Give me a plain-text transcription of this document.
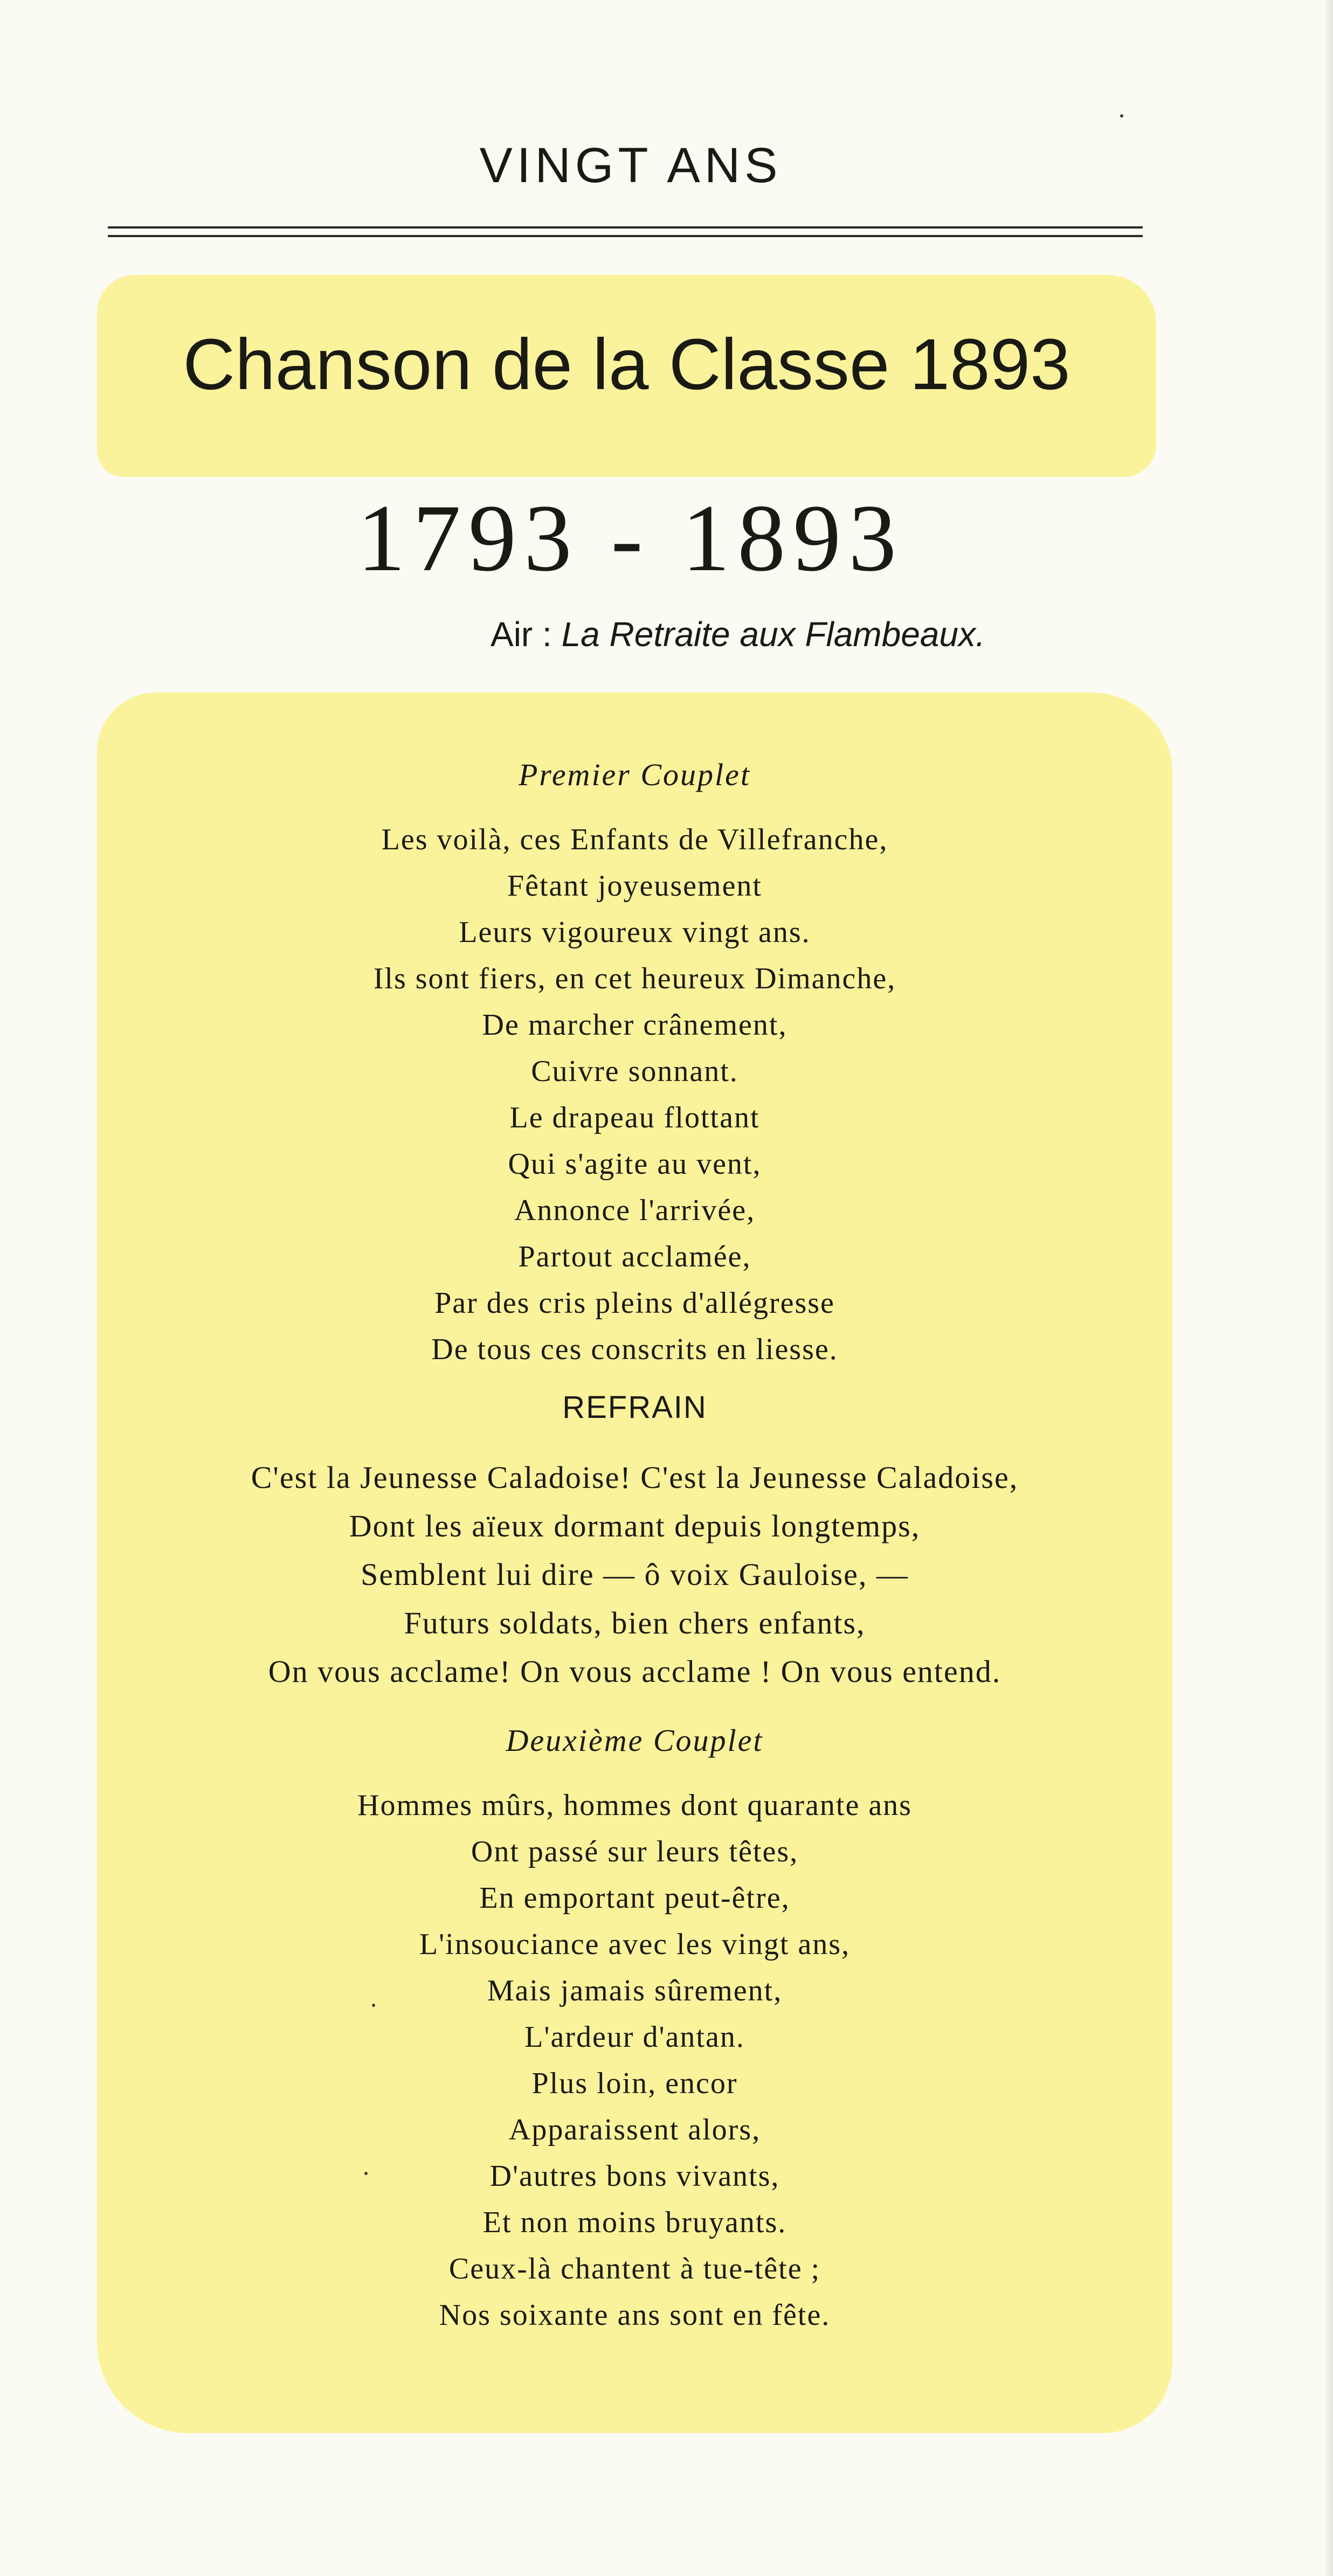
VINGT ANS
Chanson de la Classe 1893
1793 - 1893
Air : La Retraite aux Flambeaux.
Premier Couplet
Les voilà, ces Enfants de Villefranche,
Fêtant joyeusement
Leurs vigoureux vingt ans.
Ils sont fiers, en cet heureux Dimanche,
De marcher crânement,
Cuivre sonnant.
Le drapeau flottant
Qui s'agite au vent,
Annonce l'arrivée,
Partout acclamée,
Par des cris pleins d'allégresse
De tous ces conscrits en liesse.
REFRAIN
C'est la Jeunesse Caladoise! C'est la Jeunesse Caladoise,
Dont les aïeux dormant depuis longtemps,
Semblent lui dire — ô voix Gauloise, —
Futurs soldats, bien chers enfants,
On vous acclame! On vous acclame ! On vous entend.
Deuxième Couplet
Hommes mûrs, hommes dont quarante ans
Ont passé sur leurs têtes,
En emportant peut-être,
L'insouciance avec les vingt ans,
Mais jamais sûrement,
L'ardeur d'antan.
Plus loin, encor
Apparaissent alors,
D'autres bons vivants,
Et non moins bruyants.
Ceux-là chantent à tue-tête ;
Nos soixante ans sont en fête.
